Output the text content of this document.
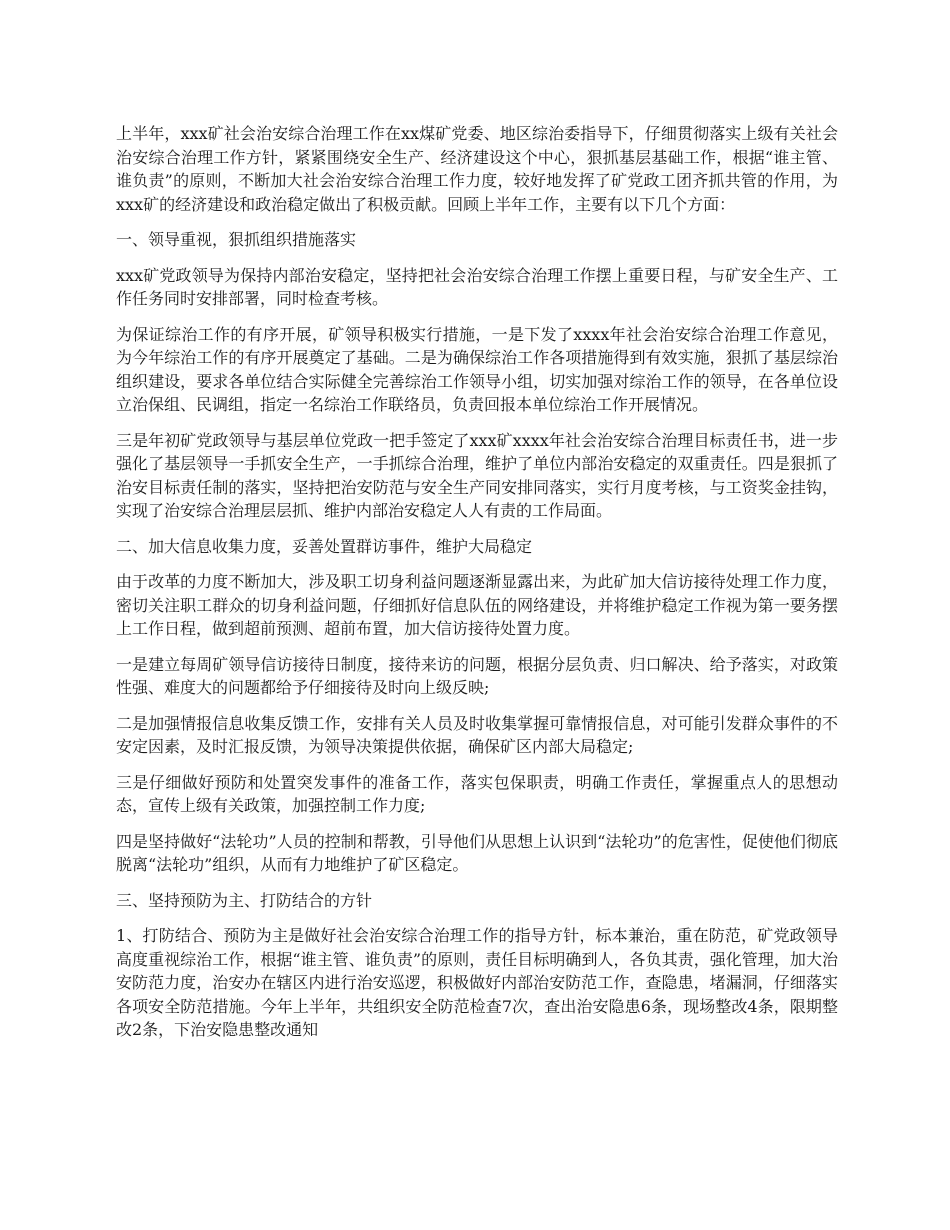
上半年，xxx矿社会治安综合治理工作在xx煤矿党委、地区综治委指导下，仔细贯彻落实上级有关社会治安综合治理工作方针，紧紧围绕安全生产、经济建设这个中心，狠抓基层基础工作，根据“谁主管、谁负责”的原则，不断加大社会治安综合治理工作力度，较好地发挥了矿党政工团齐抓共管的作用，为xxx矿的经济建设和政治稳定做出了积极贡献。回顾上半年工作，主要有以下几个方面：

一、领导重视，狠抓组织措施落实

xxx矿党政领导为保持内部治安稳定，坚持把社会治安综合治理工作摆上重要日程，与矿安全生产、工作任务同时安排部署，同时检查考核。

为保证综治工作的有序开展，矿领导积极实行措施，一是下发了xxxx年社会治安综合治理工作意见，为今年综治工作的有序开展奠定了基础。二是为确保综治工作各项措施得到有效实施，狠抓了基层综治组织建设，要求各单位结合实际健全完善综治工作领导小组，切实加强对综治工作的领导，在各单位设立治保组、民调组，指定一名综治工作联络员，负责回报本单位综治工作开展情况。

三是年初矿党政领导与基层单位党政一把手签定了xxx矿xxxx年社会治安综合治理目标责任书，进一步强化了基层领导一手抓安全生产，一手抓综合治理，维护了单位内部治安稳定的双重责任。四是狠抓了治安目标责任制的落实，坚持把治安防范与安全生产同安排同落实，实行月度考核，与工资奖金挂钩，实现了治安综合治理层层抓、维护内部治安稳定人人有责的工作局面。

二、加大信息收集力度，妥善处置群访事件，维护大局稳定

由于改革的力度不断加大，涉及职工切身利益问题逐渐显露出来，为此矿加大信访接待处理工作力度，密切关注职工群众的切身利益问题，仔细抓好信息队伍的网络建设，并将维护稳定工作视为第一要务摆上工作日程，做到超前预测、超前布置，加大信访接待处置力度。

一是建立每周矿领导信访接待日制度，接待来访的问题，根据分层负责、归口解决、给予落实，对政策性强、难度大的问题都给予仔细接待及时向上级反映;

二是加强情报信息收集反馈工作，安排有关人员及时收集掌握可靠情报信息，对可能引发群众事件的不安定因素，及时汇报反馈，为领导决策提供依据，确保矿区内部大局稳定;

三是仔细做好预防和处置突发事件的准备工作，落实包保职责，明确工作责任，掌握重点人的思想动态，宣传上级有关政策，加强控制工作力度;

四是坚持做好“法轮功”人员的控制和帮教，引导他们从思想上认识到“法轮功”的危害性，促使他们彻底脱离“法轮功”组织，从而有力地维护了矿区稳定。

三、坚持预防为主、打防结合的方针

1、打防结合、预防为主是做好社会治安综合治理工作的指导方针，标本兼治，重在防范，矿党政领导高度重视综治工作，根据“谁主管、谁负责”的原则，责任目标明确到人，各负其责，强化管理，加大治安防范力度，治安办在辖区内进行治安巡逻，积极做好内部治安防范工作，查隐患，堵漏洞，仔细落实各项安全防范措施。今年上半年，共组织安全防范检查7次，查出治安隐患6条，现场整改4条，限期整改2条，下治安隐患整改通知
